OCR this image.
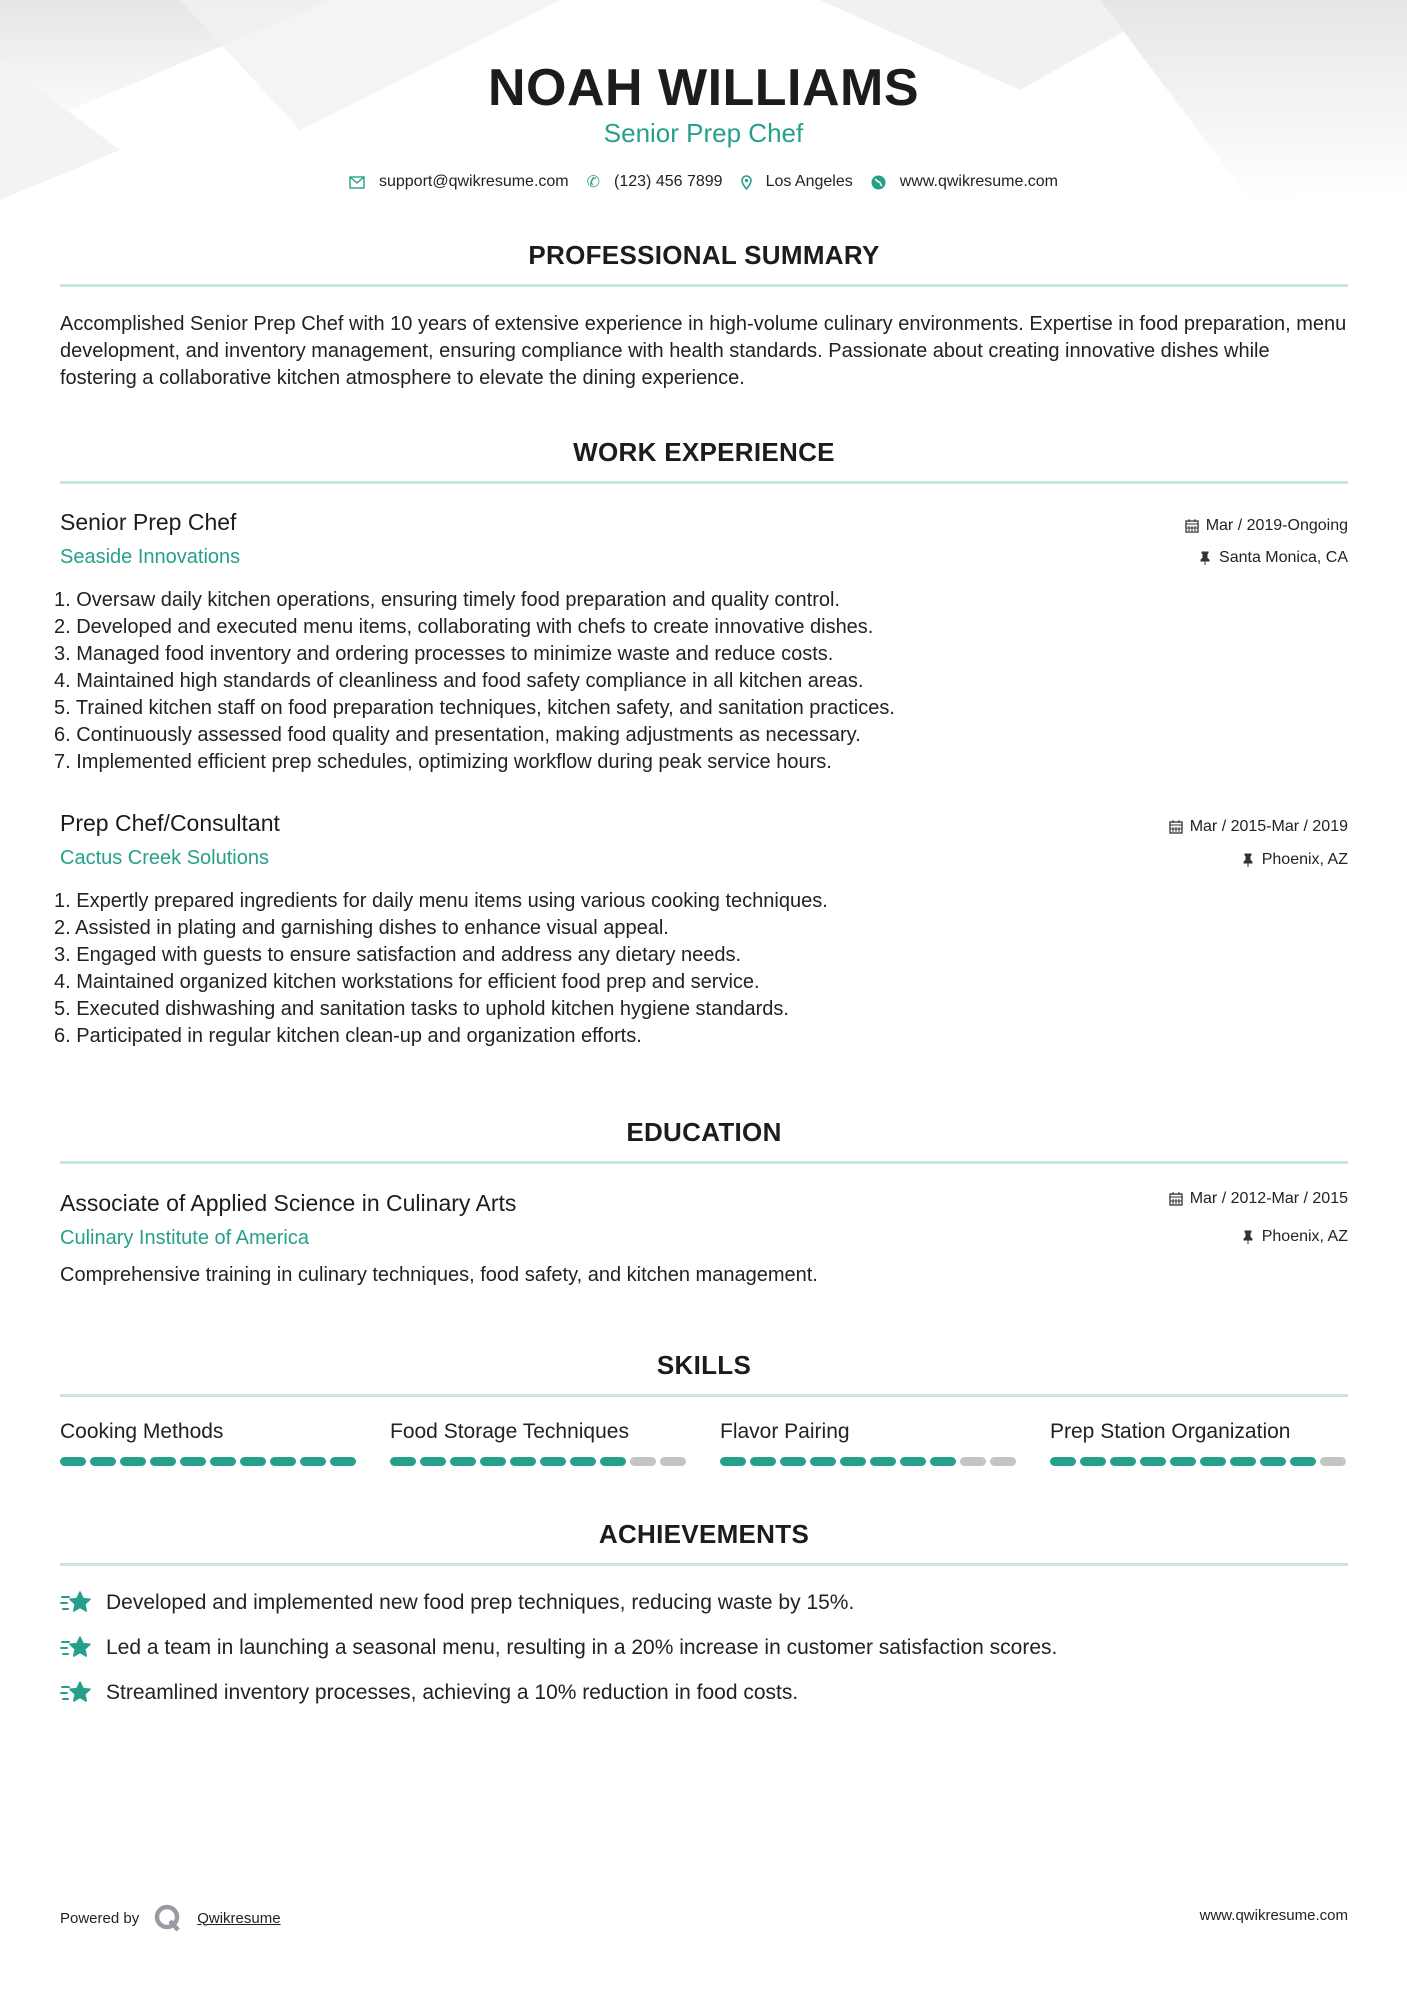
NOAH WILLIAMS
Senior Prep Chef
support@qwikresume.com ✆ (123) 456 7899	Los Angeles	www.qwikresume.com
PROFESSIONAL SUMMARY
Accomplished Senior Prep Chef with 10 years of extensive experience in high-volume culinary environments. Expertise in food preparation, menu development, and inventory management, ensuring compliance with health standards. Passionate about creating innovative dishes while fostering a collaborative kitchen atmosphere to elevate the dining experience.
WORK EXPERIENCE
Senior Prep Chef
Seaside Innovations
Mar / 2019-Ongoing
Santa Monica, CA
1. Oversaw daily kitchen operations, ensuring timely food preparation and quality control.
2. Developed and executed menu items, collaborating with chefs to create innovative dishes.
3. Managed food inventory and ordering processes to minimize waste and reduce costs.
4. Maintained high standards of cleanliness and food safety compliance in all kitchen areas.
5. Trained kitchen staff on food preparation techniques, kitchen safety, and sanitation practices.
6. Continuously assessed food quality and presentation, making adjustments as necessary.
7. Implemented efficient prep schedules, optimizing workflow during peak service hours.
Prep Chef/Consultant
Cactus Creek Solutions
Mar / 2015-Mar / 2019
Phoenix, AZ
1. Expertly prepared ingredients for daily menu items using various cooking techniques.
2. Assisted in plating and garnishing dishes to enhance visual appeal.
3. Engaged with guests to ensure satisfaction and address any dietary needs.
4. Maintained organized kitchen workstations for efficient food prep and service.
5. Executed dishwashing and sanitation tasks to uphold kitchen hygiene standards.
6. Participated in regular kitchen clean-up and organization efforts.
EDUCATION
Associate of Applied Science in Culinary Arts
Culinary Institute of America
Mar / 2012-Mar / 2015
Phoenix, AZ
Comprehensive training in culinary techniques, food safety, and kitchen management.
SKILLS
Cooking Methods	Food Storage Techniques	Flavor Pairing	Prep Station Organization
ACHIEVEMENTS
Developed and implemented new food prep techniques, reducing waste by 15%.
Led a team in launching a seasonal menu, resulting in a 20% increase in customer satisfaction scores.
Streamlined inventory processes, achieving a 10% reduction in food costs.
Powered by	Qwikresume	www.qwikresume.com
